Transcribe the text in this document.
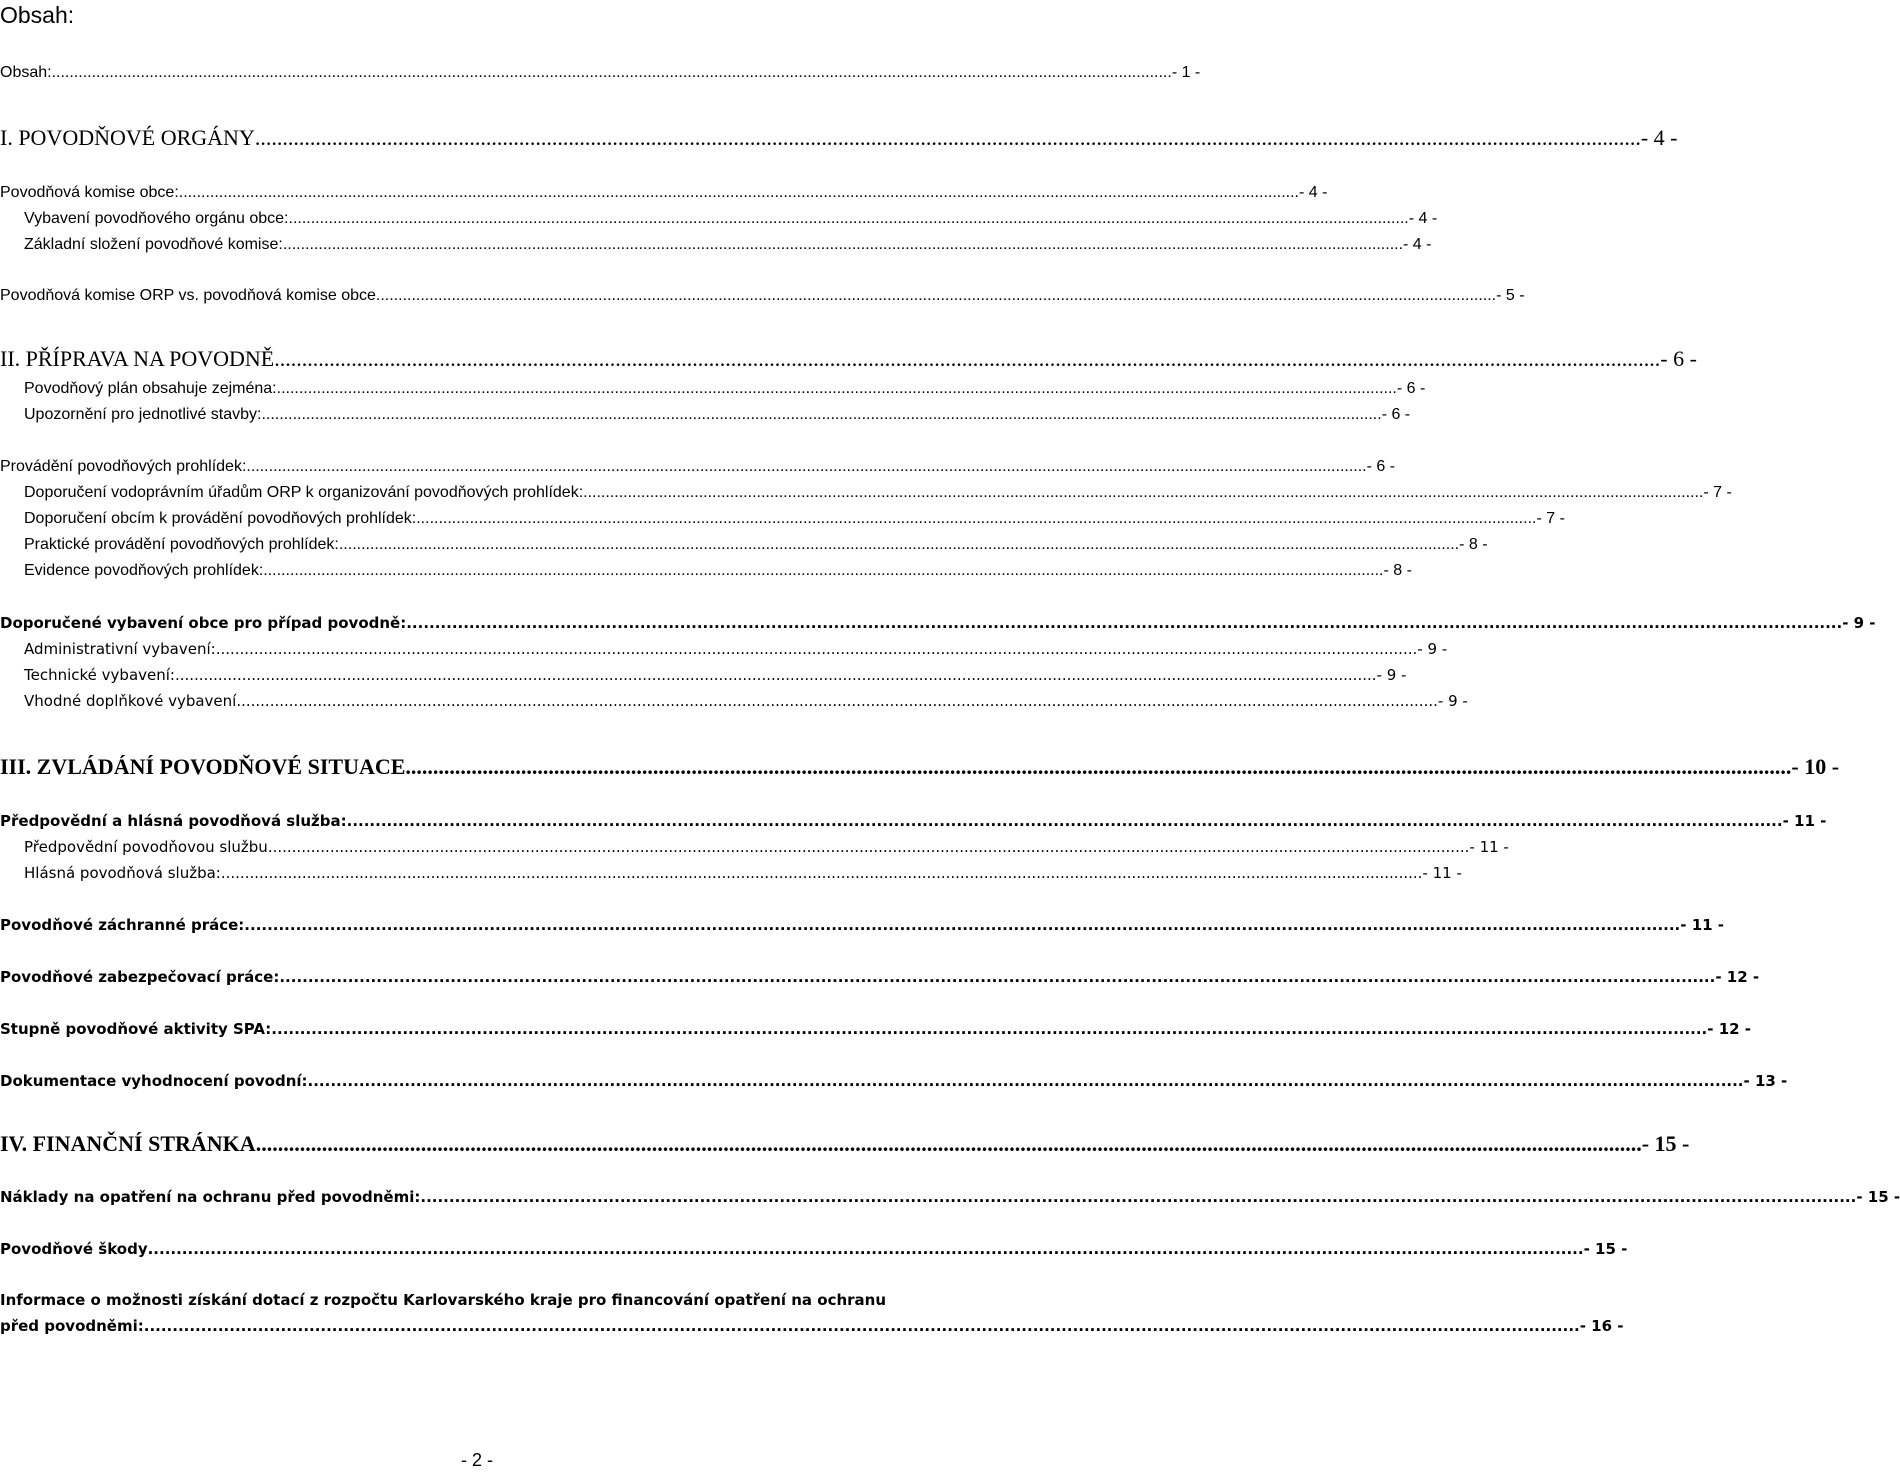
Obsah:
Obsah: ............................................................................................................................................................................................................................................................ - 1 -
I. POVODŇOVÉ ORGÁNY ............................................................................................................................................................................................................................................................ - 4 -
Povodňová komise obce: ............................................................................................................................................................................................................................................................ - 4 -
Vybavení povodňového orgánu obce: ............................................................................................................................................................................................................................................................ - 4 -
Základní složení povodňové komise: ............................................................................................................................................................................................................................................................ - 4 -
Povodňová komise ORP vs. povodňová komise obce ............................................................................................................................................................................................................................................................ - 5 -
II. PŘÍPRAVA NA POVODNĚ ............................................................................................................................................................................................................................................................ - 6 -
Povodňový plán obsahuje zejména: ............................................................................................................................................................................................................................................................ - 6 -
Upozornění pro jednotlivé stavby: ............................................................................................................................................................................................................................................................ - 6 -
Provádění povodňových prohlídek: ............................................................................................................................................................................................................................................................ - 6 -
Doporučení vodoprávním úřadům ORP k organizování povodňových prohlídek: ............................................................................................................................................................................................................................................................ - 7 -
Doporučení obcím k provádění povodňových prohlídek: ............................................................................................................................................................................................................................................................ - 7 -
Praktické provádění povodňových prohlídek: ............................................................................................................................................................................................................................................................ - 8 -
Evidence povodňových prohlídek: ............................................................................................................................................................................................................................................................ - 8 -
Doporučené vybavení obce pro případ povodně: ............................................................................................................................................................................................................................................................ - 9 -
Administrativní vybavení: ............................................................................................................................................................................................................................................................ - 9 -
Technické vybavení: ............................................................................................................................................................................................................................................................ - 9 -
Vhodné doplňkové vybavení ............................................................................................................................................................................................................................................................ - 9 -
III. ZVLÁDÁNÍ POVODŇOVÉ SITUACE ............................................................................................................................................................................................................................................................ - 10 -
Předpovědní a hlásná povodňová služba: ............................................................................................................................................................................................................................................................ - 11 -
Předpovědní povodňovou službu ............................................................................................................................................................................................................................................................ - 11 -
Hlásná povodňová služba: ............................................................................................................................................................................................................................................................ - 11 -
Povodňové záchranné práce: ............................................................................................................................................................................................................................................................ - 11 -
Povodňové zabezpečovací práce: ............................................................................................................................................................................................................................................................ - 12 -
Stupně povodňové aktivity SPA: ............................................................................................................................................................................................................................................................ - 12 -
Dokumentace vyhodnocení povodní: ............................................................................................................................................................................................................................................................ - 13 -
IV. FINANČNÍ STRÁNKA ............................................................................................................................................................................................................................................................ - 15 -
Náklady na opatření na ochranu před povodněmi: ............................................................................................................................................................................................................................................................ - 15 -
Povodňové škody ............................................................................................................................................................................................................................................................ - 15 -
Informace o možnosti získání dotací z rozpočtu Karlovarského kraje pro financování opatření na ochranu
před povodněmi: ............................................................................................................................................................................................................................................................ - 16 -
- 2 -
